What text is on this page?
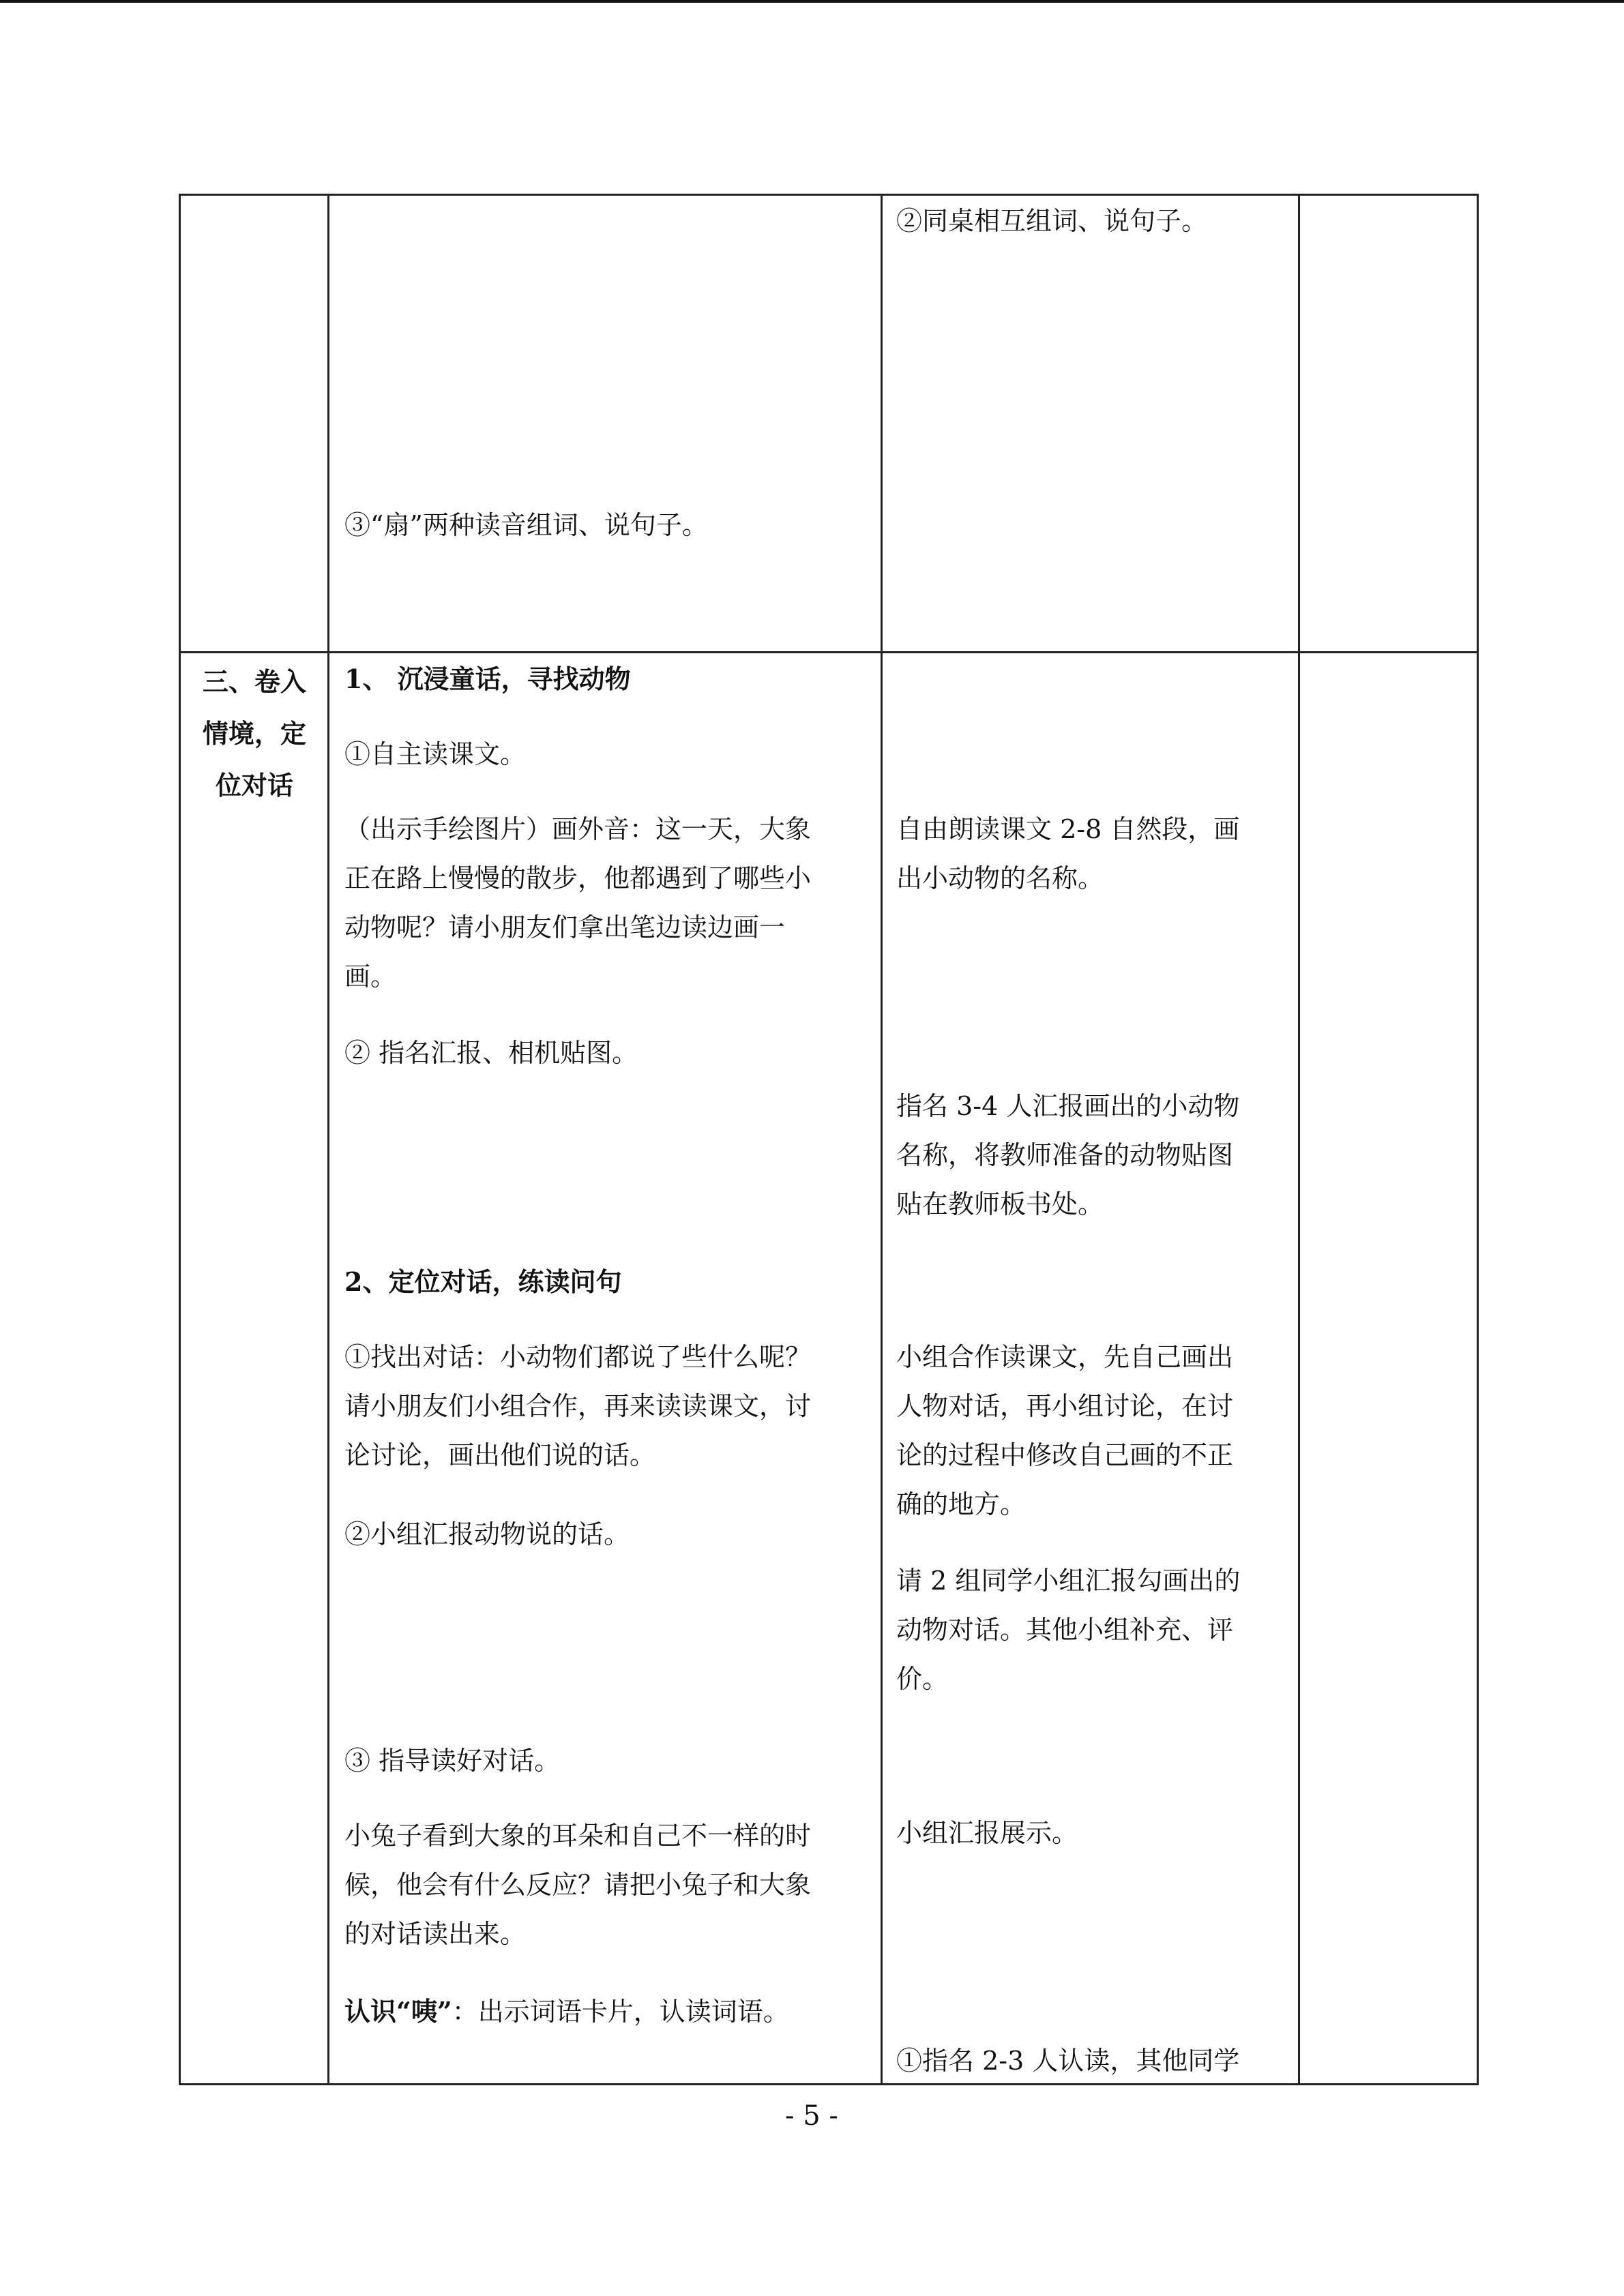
③“扇”两种读音组词、说句子。
②同桌相互组词、说句子。
三、卷入
情境，定
位对话
1、 沉浸童话，寻找动物
①自主读课文。
（出示手绘图片）画外音：这一天，大象
正在路上慢慢的散步，他都遇到了哪些小
动物呢？请小朋友们拿出笔边读边画一
画。
② 指名汇报、相机贴图。
2、定位对话，练读问句
①找出对话：小动物们都说了些什么呢？
请小朋友们小组合作，再来读读课文，讨
论讨论，画出他们说的话。
②小组汇报动物说的话。
③ 指导读好对话。
小兔子看到大象的耳朵和自己不一样的时
候，他会有什么反应？请把小兔子和大象
的对话读出来。
认识“咦”：出示词语卡片，认读词语。
自由朗读课文 2-8 自然段，画
出小动物的名称。
指名 3-4 人汇报画出的小动物
名称，将教师准备的动物贴图
贴在教师板书处。
小组合作读课文，先自己画出
人物对话，再小组讨论，在讨
论的过程中修改自己画的不正
确的地方。
请 2 组同学小组汇报勾画出的
动物对话。其他小组补充、评
价。
小组汇报展示。
①指名 2-3 人认读，其他同学
- 5 -
